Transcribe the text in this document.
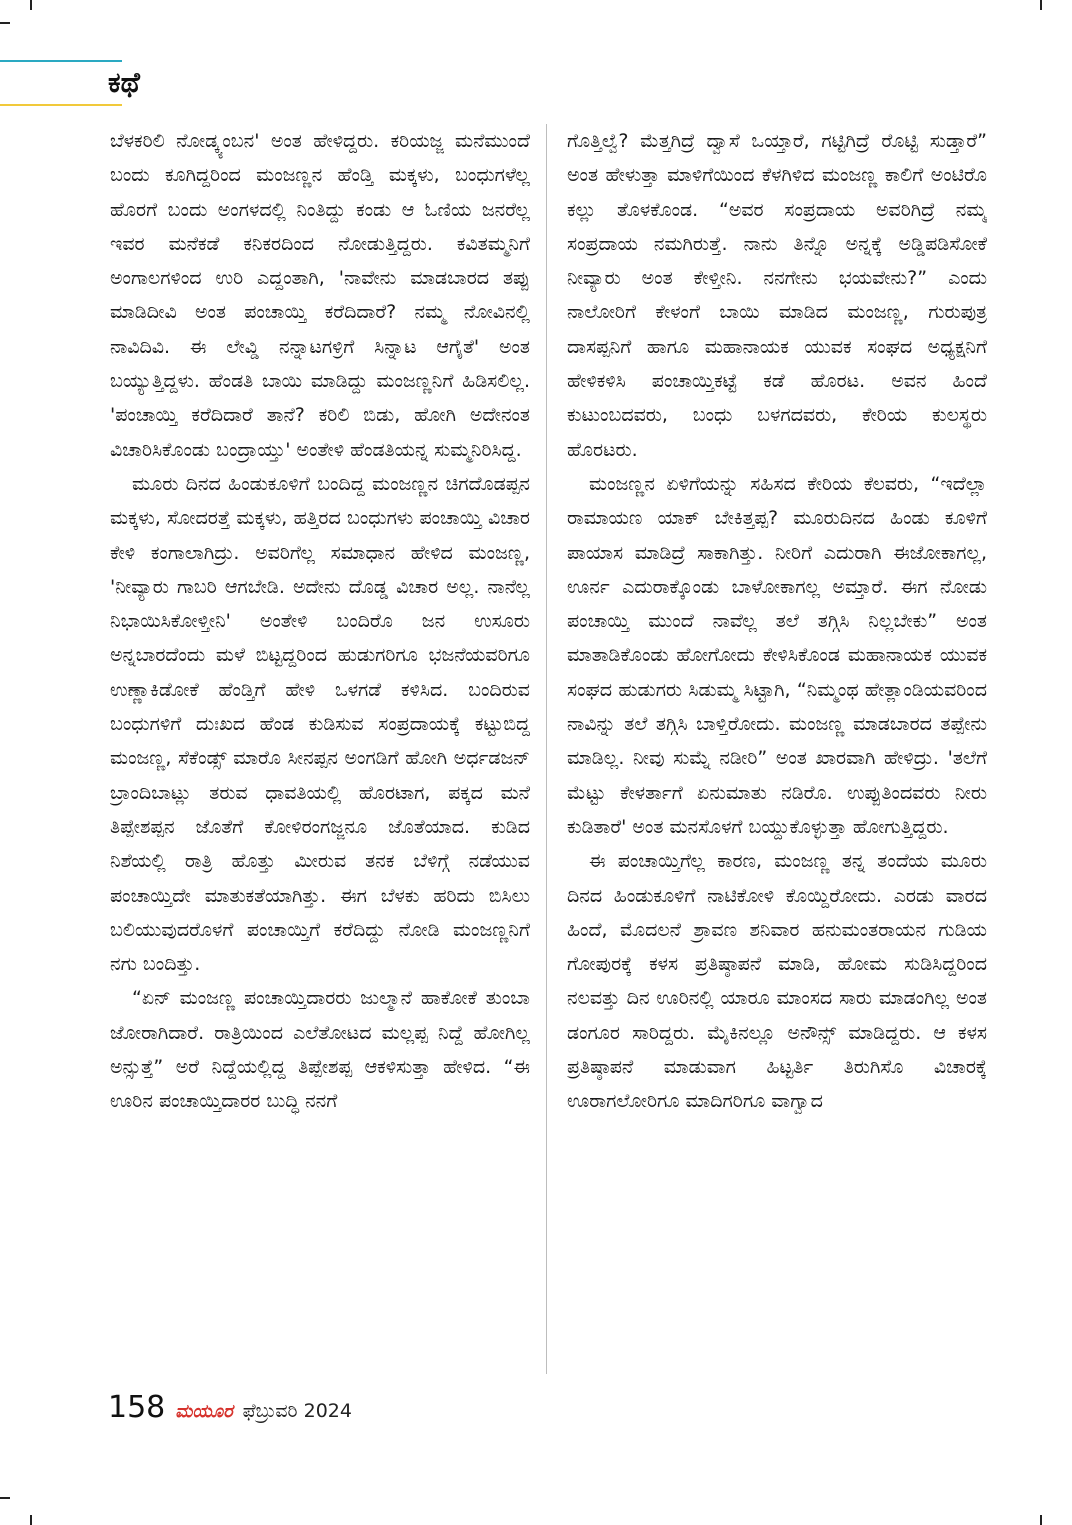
ಕಥೆ

ಬೆಳಕರಿಲಿ ನೋಡ್ಕ್ಯಂಬನ' ಅಂತ ಹೇಳಿದ್ದರು. ಕರಿಯಜ್ಜ ಮನೆಮುಂದೆ ಬಂದು ಕೂಗಿದ್ದರಿಂದ ಮಂಜಣ್ಣನ ಹೆಂಡ್ತಿ ಮಕ್ಕಳು, ಬಂಧುಗಳೆಲ್ಲ ಹೊರಗೆ ಬಂದು ಅಂಗಳದಲ್ಲಿ ನಿಂತಿದ್ದು ಕಂಡು ಆ ಓಣಿಯ ಜನರೆಲ್ಲ ಇವರ ಮನೆಕಡೆ ಕನಿಕರದಿಂದ ನೋಡುತ್ತಿದ್ದರು. ಕವಿತಮ್ಮನಿಗೆ ಅಂಗಾಲಗಳಿಂದ ಉರಿ ಎದ್ದಂತಾಗಿ, 'ನಾವೇನು ಮಾಡಬಾರದ ತಪ್ಪು ಮಾಡಿದೀವಿ ಅಂತ ಪಂಚಾಯ್ತಿ ಕರೆದಿದಾರೆ? ನಮ್ಮ ನೋವಿನಲ್ಲಿ ನಾವಿದಿವಿ. ಈ ಲೇವ್ಡಿ ನನ್ನಾಟಗಳ್ರಿಗೆ ಸಿನ್ನಾಟ ಆಗೈತೆ' ಅಂತ ಬಯ್ಯುತ್ತಿದ್ದಳು. ಹೆಂಡತಿ ಬಾಯಿ ಮಾಡಿದ್ದು ಮಂಜಣ್ಣನಿಗೆ ಹಿಡಿಸಲಿಲ್ಲ. 'ಪಂಚಾಯ್ತಿ ಕರೆದಿದಾರೆ ತಾನೆ? ಕರಿಲಿ ಬಿಡು, ಹೋಗಿ ಅದೇನಂತ ವಿಚಾರಿಸಿಕೊಂಡು ಬಂದ್ರಾಯ್ತು' ಅಂತೇಳಿ ಹೆಂಡತಿಯನ್ನ ಸುಮ್ಮನಿರಿಸಿದ್ದ.

ಮೂರು ದಿನದ ಹಿಂಡುಕೂಳಿಗೆ ಬಂದಿದ್ದ ಮಂಜಣ್ಣನ ಚಿಗದೊಡಪ್ಪನ ಮಕ್ಕಳು, ಸೋದರತ್ತೆ ಮಕ್ಕಳು, ಹತ್ತಿರದ ಬಂಧುಗಳು ಪಂಚಾಯ್ತಿ ವಿಚಾರ ಕೇಳಿ ಕಂಗಾಲಾಗಿದ್ರು. ಅವರಿಗೆಲ್ಲ ಸಮಾಧಾನ ಹೇಳಿದ ಮಂಜಣ್ಣ, 'ನೀವ್ಯಾರು ಗಾಬರಿ ಆಗಬೇಡಿ. ಅದೇನು ದೊಡ್ಡ ವಿಚಾರ ಅಲ್ಲ. ನಾನೆಲ್ಲ ನಿಭಾಯಿಸಿಕೋಳ್ತೀನಿ' ಅಂತೇಳಿ ಬಂದಿರೊ ಜನ ಉಸೂರು ಅನ್ನಬಾರದೆಂದು ಮಳೆ ಬಿಟ್ಟದ್ದರಿಂದ ಹುಡುಗರಿಗೂ ಭಜನೆಯವರಿಗೂ ಉಣ್ಣಾಕಿಡೋಕೆ ಹೆಂಡ್ತಿಗೆ ಹೇಳಿ ಒಳಗಡೆ ಕಳಿಸಿದ. ಬಂದಿರುವ ಬಂಧುಗಳಿಗೆ ದುಃಖದ ಹೆಂಡ ಕುಡಿಸುವ ಸಂಪ್ರದಾಯಕ್ಕೆ ಕಟ್ಟುಬಿದ್ದ ಮಂಜಣ್ಣ, ಸೆಕೆಂಡ್ಸ್ ಮಾರೊ ಸೀನಪ್ಪನ ಅಂಗಡಿಗೆ ಹೋಗಿ ಅರ್ಧಡಜನ್ ಬ್ರಾಂದಿಬಾಟ್ಲು ತರುವ ಧಾವತಿಯಲ್ಲಿ ಹೊರಟಾಗ, ಪಕ್ಕದ ಮನೆ ತಿಪ್ಪೇಶಪ್ಪನ ಜೊತೆಗೆ ಕೋಳಿರಂಗಜ್ಜನೂ ಜೊತೆಯಾದ. ಕುಡಿದ ನಿಶೆಯಲ್ಲಿ ರಾತ್ರಿ ಹೊತ್ತು ಮೀರುವ ತನಕ ಬೆಳಿಗ್ಗೆ ನಡೆಯುವ ಪಂಚಾಯ್ತಿದೇ ಮಾತುಕತೆಯಾಗಿತ್ತು. ಈಗ ಬೆಳಕು ಹರಿದು ಬಿಸಿಲು ಬಲಿಯುವುದರೊಳಗೆ ಪಂಚಾಯ್ತಿಗೆ ಕರೆದಿದ್ದು ನೋಡಿ ಮಂಜಣ್ಣನಿಗೆ ನಗು ಬಂದಿತ್ತು.

“ಏನ್ ಮಂಜಣ್ಣ ಪಂಚಾಯ್ತಿದಾರರು ಜುಲ್ಮಾನೆ ಹಾಕೋಕೆ ತುಂಬಾ ಜೋರಾಗಿದಾರೆ. ರಾತ್ರಿಯಿಂದ ಎಲೆತೋಟದ ಮಲ್ಲಪ್ಪ ನಿದ್ದೆ ಹೋಗಿಲ್ಲ ಅನ್ಸುತ್ತೆ” ಅರೆ ನಿದ್ದೆಯಲ್ಲಿದ್ದ ತಿಪ್ಪೇಶಪ್ಪ ಆಕಳಿಸುತ್ತಾ ಹೇಳಿದ. “ಈ ಊರಿನ ಪಂಚಾಯ್ತಿದಾರರ ಬುದ್ಧಿ ನನಗೆ

ಗೊತ್ತಿಲ್ವೆ? ಮೆತ್ತಗಿದ್ರೆ ದ್ವಾಸೆ ಒಯ್ತಾರೆ, ಗಟ್ಟಿಗಿದ್ರೆ ರೊಟ್ಟಿ ಸುಡ್ತಾರೆ” ಅಂತ ಹೇಳುತ್ತಾ ಮಾಳಿಗೆಯಿಂದ ಕೆಳಗಿಳಿದ ಮಂಜಣ್ಣ ಕಾಲಿಗೆ ಅಂಟಿರೊ ಕಲ್ಲು ತೊಳಕೊಂಡ. “ಅವರ ಸಂಪ್ರದಾಯ ಅವರಿಗಿದ್ರೆ ನಮ್ಮ ಸಂಪ್ರದಾಯ ನಮಗಿರುತ್ತೆ. ನಾನು ತಿನ್ನೊ ಅನ್ನಕ್ಕೆ ಅಡ್ಡಿಪಡಿಸೋಕೆ ನೀವ್ಯಾರು ಅಂತ ಕೇಳ್ತೀನಿ. ನನಗೇನು ಭಯವೇನು?” ಎಂದು ನಾಲೋರಿಗೆ ಕೇಳಂಗೆ ಬಾಯಿ ಮಾಡಿದ ಮಂಜಣ್ಣ, ಗುರುಪುತ್ರ ದಾಸಪ್ಪನಿಗೆ ಹಾಗೂ ಮಹಾನಾಯಕ ಯುವಕ ಸಂಘದ ಅಧ್ಯಕ್ಷನಿಗೆ ಹೇಳಿಕಳಿಸಿ ಪಂಚಾಯ್ತಿಕಟ್ಟೆ ಕಡೆ ಹೊರಟ. ಅವನ ಹಿಂದೆ ಕುಟುಂಬದವರು, ಬಂಧು ಬಳಗದವರು, ಕೇರಿಯ ಕುಲಸ್ಥರು ಹೊರಟರು.

ಮಂಜಣ್ಣನ ಏಳಿಗೆಯನ್ನು ಸಹಿಸದ ಕೇರಿಯ ಕೆಲವರು, “ಇದೆಲ್ಲಾ ರಾಮಾಯಣ ಯಾಕ್ ಬೇಕಿತ್ತಪ್ಪ? ಮೂರುದಿನದ ಹಿಂಡು ಕೂಳಿಗೆ ಪಾಯಾಸ ಮಾಡಿದ್ರೆ ಸಾಕಾಗಿತ್ತು. ನೀರಿಗೆ ಎದುರಾಗಿ ಈಜೋಕಾಗಲ್ಲ, ಊರ್ನ ಎದುರಾಕ್ಕೊಂಡು ಬಾಳೋಕಾಗಲ್ಲ ಅಮ್ತಾರೆ. ಈಗ ನೋಡು ಪಂಚಾಯ್ತಿ ಮುಂದೆ ನಾವೆಲ್ಲ ತಲೆ ತಗ್ಗಿಸಿ ನಿಲ್ಲಬೇಕು” ಅಂತ ಮಾತಾಡಿಕೊಂಡು ಹೋಗೋದು ಕೇಳಿಸಿಕೊಂಡ ಮಹಾನಾಯಕ ಯುವಕ ಸಂಘದ ಹುಡುಗರು ಸಿಡುಮ್ಮ ಸಿಟ್ಟಾಗಿ, “ನಿಮ್ಮಂಥ ಹೇತ್ಲಾಂಡಿಯವರಿಂದ ನಾವಿನ್ನು ತಲೆ ತಗ್ಗಿಸಿ ಬಾಳ್ತಿರೋದು. ಮಂಜಣ್ಣ ಮಾಡಬಾರದ ತಪ್ಪೇನು ಮಾಡಿಲ್ಲ. ನೀವು ಸುಮ್ನೆ ನಡೀರಿ” ಅಂತ ಖಾರವಾಗಿ ಹೇಳಿದ್ರು. 'ತಲೆಗೆ ಮೆಟ್ಟು ಕೇಳರ್ತಾಗೆ ಏನುಮಾತು ನಡಿರೊ. ಉಪ್ಪುತಿಂದವರು ನೀರು ಕುಡಿತಾರೆ' ಅಂತ ಮನಸೊಳಗೆ ಬಯ್ದುಕೊಳ್ಳುತ್ತಾ ಹೋಗುತ್ತಿದ್ದರು.

ಈ ಪಂಚಾಯ್ತಿಗೆಲ್ಲ ಕಾರಣ, ಮಂಜಣ್ಣ ತನ್ನ ತಂದೆಯ ಮೂರು ದಿನದ ಹಿಂಡುಕೂಳಿಗೆ ನಾಟಿಕೋಳಿ ಕೊಯ್ದಿರೋದು. ಎರಡು ವಾರದ ಹಿಂದೆ, ಮೊದಲನೆ ಶ್ರಾವಣ ಶನಿವಾರ ಹನುಮಂತರಾಯನ ಗುಡಿಯ ಗೋಪುರಕ್ಕೆ ಕಳಸ ಪ್ರತಿಷ್ಠಾಪನೆ ಮಾಡಿ, ಹೋಮ ಸುಡಿಸಿದ್ದರಿಂದ ನಲವತ್ತು ದಿನ ಊರಿನಲ್ಲಿ ಯಾರೂ ಮಾಂಸದ ಸಾರು ಮಾಡಂಗಿಲ್ಲ ಅಂತ ಡಂಗೂರ ಸಾರಿದ್ದರು. ಮೈಕಿನಲ್ಲೂ ಅನೌನ್ಸ್ ಮಾಡಿದ್ದರು. ಆ ಕಳಸ ಪ್ರತಿಷ್ಠಾಪನೆ ಮಾಡುವಾಗ ಹಿಟ್ಟರ್ತಿ ತಿರುಗಿಸೊ ವಿಚಾರಕ್ಕೆ ಊರಾಗಲೋರಿಗೂ ಮಾದಿಗರಿಗೂ ವಾಗ್ವಾದ

158 ಮಯೂರ ಫೆಬ್ರುವರಿ 2024
